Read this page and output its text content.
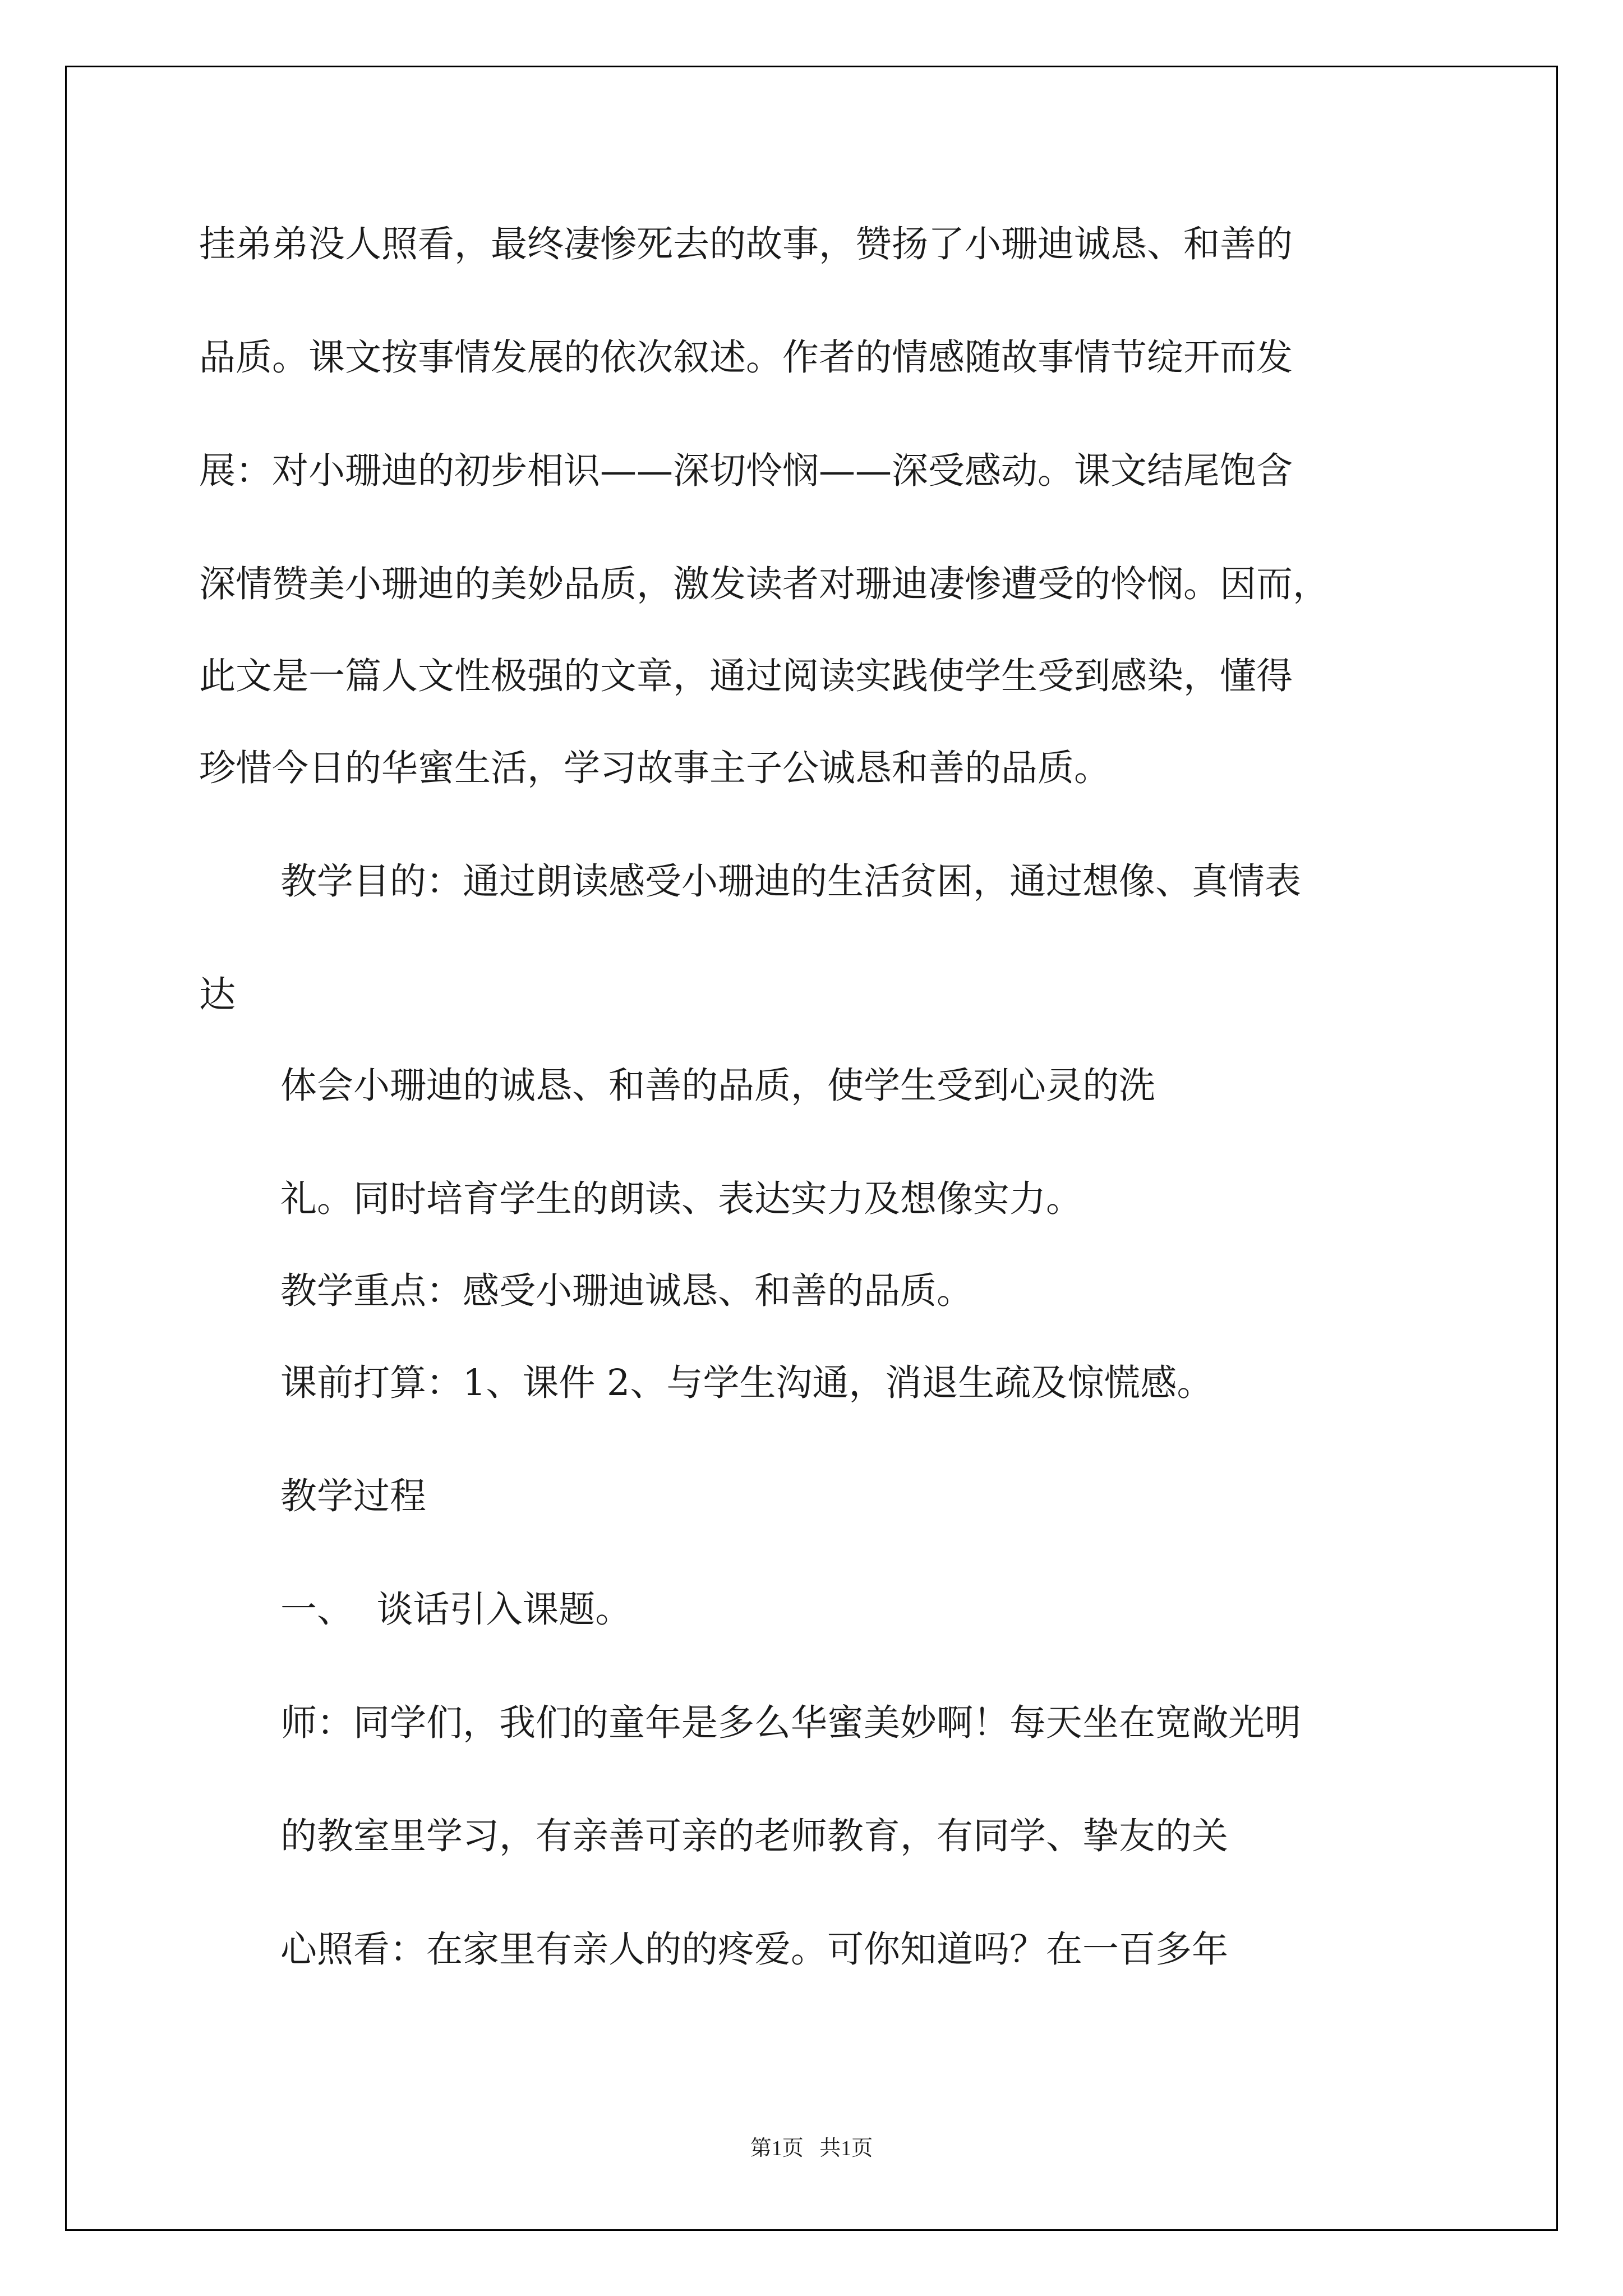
挂弟弟没人照看，最终凄惨死去的故事，赞扬了小珊迪诚恳、和善的

品质。课文按事情发展的依次叙述。作者的情感随故事情节绽开而发

展：对小珊迪的初步相识——深切怜悯——深受感动。课文结尾饱含

深情赞美小珊迪的美妙品质，激发读者对珊迪凄惨遭受的怜悯。因而，

此文是一篇人文性极强的文章，通过阅读实践使学生受到感染，懂得

珍惜今日的华蜜生活，学习故事主子公诚恳和善的品质。

教学目的：通过朗读感受小珊迪的生活贫困，通过想像、真情表

达

体会小珊迪的诚恳、和善的品质，使学生受到心灵的洗

礼。同时培育学生的朗读、表达实力及想像实力。

教学重点：感受小珊迪诚恳、和善的品质。

课前打算：1、课件 2、与学生沟通，消退生疏及惊慌感。

教学过程

一、  谈话引入课题。

师：同学们，我们的童年是多么华蜜美妙啊！每天坐在宽敞光明

的教室里学习，有亲善可亲的老师教育，有同学、挚友的关

心照看：在家里有亲人的的疼爱。可你知道吗？在一百多年

第1页   共1页
